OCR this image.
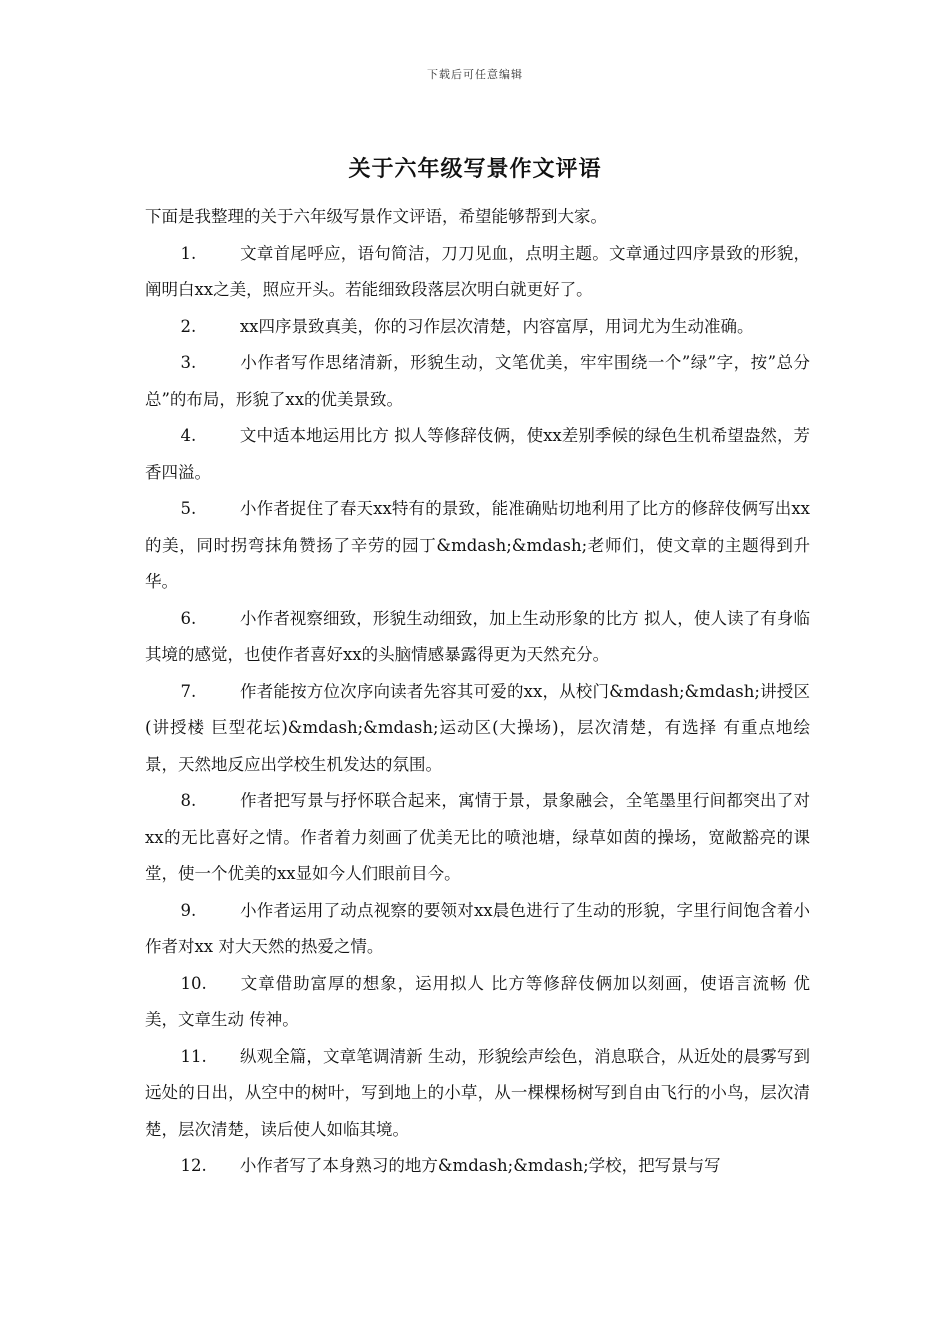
下载后可任意编辑
关于六年级写景作文评语

下面是我整理的关于六年级写景作文评语，希望能够帮到大家。

1.	文章首尾呼应，语句简洁，刀刀见血，点明主题。文章通过四序景致的形貌，阐明白xx之美，照应开头。若能细致段落层次明白就更好了。

2.	xx四序景致真美，你的习作层次清楚，内容富厚，用词尤为生动准确。

3.	小作者写作思绪清新，形貌生动，文笔优美，牢牢围绕一个”绿”字，按”总分总”的布局，形貌了xx的优美景致。

4.	文中适本地运用比方 拟人等修辞伎俩，使xx差别季候的绿色生机希望盎然，芳香四溢。

5.	小作者捉住了春天xx特有的景致，能准确贴切地利用了比方的修辞伎俩写出xx的美，同时拐弯抹角赞扬了辛劳的园丁&mdash;&mdash;老师们，使文章的主题得到升华。

6.	小作者视察细致，形貌生动细致，加上生动形象的比方 拟人，使人读了有身临其境的感觉，也使作者喜好xx的头脑情感暴露得更为天然充分。

7.	作者能按方位次序向读者先容其可爱的xx，从校门&mdash;&mdash;讲授区(讲授楼 巨型花坛)&mdash;&mdash;运动区(大操场)，层次清楚，有选择 有重点地绘景，天然地反应出学校生机发达的氛围。

8.	作者把写景与抒怀联合起来，寓情于景，景象融会，全笔墨里行间都突出了对xx的无比喜好之情。作者着力刻画了优美无比的喷池塘，绿草如茵的操场，宽敞豁亮的课堂，使一个优美的xx显如今人们眼前目今。

9.	小作者运用了动点视察的要领对xx晨色进行了生动的形貌，字里行间饱含着小作者对xx 对大天然的热爱之情。

10. 文章借助富厚的想象，运用拟人 比方等修辞伎俩加以刻画，使语言流畅 优美，文章生动 传神。

11. 纵观全篇，文章笔调清新 生动，形貌绘声绘色，消息联合，从近处的晨雾写到远处的日出，从空中的树叶，写到地上的小草，从一棵棵杨树写到自由飞行的小鸟，层次清楚，层次清楚，读后使人如临其境。

12. 小作者写了本身熟习的地方&mdash;&mdash;学校，把写景与写
